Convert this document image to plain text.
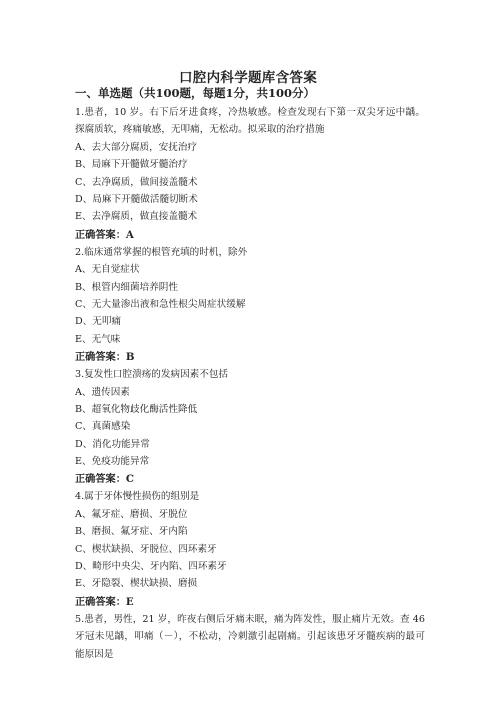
口腔内科学题库含答案
一、单选题（共100题，每题1分，共100分）
1.患者，10 岁。右下后牙进食疼，冷热敏感。检查发现右下第一双尖牙远中龋。探腐质软，疼痛敏感，无叩痛，无松动。拟采取的治疗措施
A、去大部分腐质，安抚治疗
B、局麻下开髓做牙髓治疗
C、去净腐质，做间接盖髓术
D、局麻下开髓做活髓切断术
E、去净腐质，做直接盖髓术
正确答案：A
2.临床通常掌握的根管充填的时机，除外
A、无自觉症状
B、根管内细菌培养阴性
C、无大量渗出液和急性根尖周症状缓解
D、无叩痛
E、无气味
正确答案：B
3.复发性口腔溃疡的发病因素不包括
A、遗传因素
B、超氧化物歧化酶活性降低
C、真菌感染
D、消化功能异常
E、免疫功能异常
正确答案：C
4.属于牙体慢性损伤的组别是
A、氟牙症、磨损、牙脱位
B、磨损、氟牙症、牙内陷
C、楔状缺损、牙脱位、四环素牙
D、畸形中央尖、牙内陷、四环素牙
E、牙隐裂、楔状缺损、磨损
正确答案：E
5.患者，男性，21 岁，昨夜右侧后牙痛未眠，痛为阵发性，服止痛片无效。查 46 牙冠未见龋，叩痛（－），不松动，冷刺激引起剧痛。引起该患牙牙髓疾病的最可能原因是
